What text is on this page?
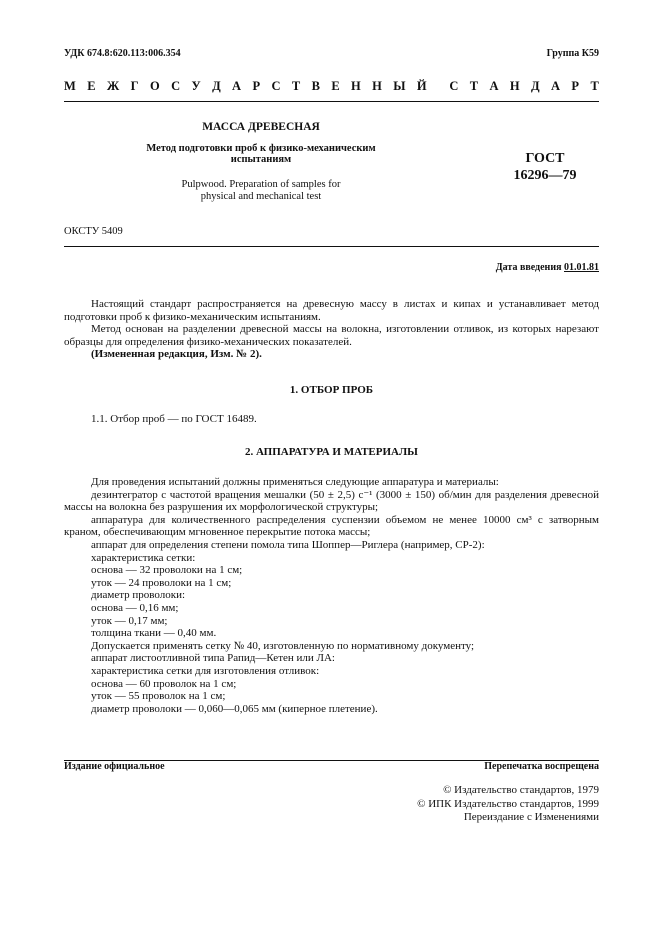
УДК 674.8:620.113:006.354	Группа К59
М Е Ж Г О С У Д А Р С Т В Е Н Н Ы Й С Т А Н Д А Р Т
МАССА ДРЕВЕСНАЯ
Метод подготовки проб к физико-механическим испытаниям
Pulpwood. Preparation of samples for
physical and mechanical test
ГОСТ
16296—79
ОКСТУ 5409
Дата введения 01.01.81

Настоящий стандарт распространяется на древесную массу в листах и кипах и устанавливает метод подготовки проб к физико-механическим испытаниям.

Метод основан на разделении древесной массы на волокна, изготовлении отливок, из которых нарезают образцы для определения физико-механических показателей.

(Измененная редакция, Изм. № 2).

1. ОТБОР ПРОБ

1.1. Отбор проб — по ГОСТ 16489.

2. АППАРАТУРА И МАТЕРИАЛЫ

Для проведения испытаний должны применяться следующие аппаратура и материалы:

дезинтегратор с частотой вращения мешалки (50 ± 2,5) с⁻¹ (3000 ± 150) об/мин для разделения древесной массы на волокна без разрушения их морфологической структуры;

аппаратура для количественного распределения суспензии объемом не менее 10000 см³ с затворным краном, обеспечивающим мгновенное перекрытие потока массы;

аппарат для определения степени помола типа Шоппер—Риглера (например, СР-2):
характеристика сетки:
основа — 32 проволоки на 1 см;
уток — 24 проволоки на 1 см;
диаметр проволоки:
основа — 0,16 мм;
уток — 0,17 мм;
толщина ткани — 0,40 мм.
Допускается применять сетку № 40, изготовленную по нормативному документу;
аппарат листоотливной типа Рапид—Кетен или ЛА:
характеристика сетки для изготовления отливок:
основа — 60 проволок на 1 см;
уток — 55 проволок на 1 см;
диаметр проволоки — 0,060—0,065 мм (киперное плетение).
Издание официальное	Перепечатка воспрещена
© Издательство стандартов, 1979
© ИПК Издательство стандартов, 1999
Переиздание с Изменениями
